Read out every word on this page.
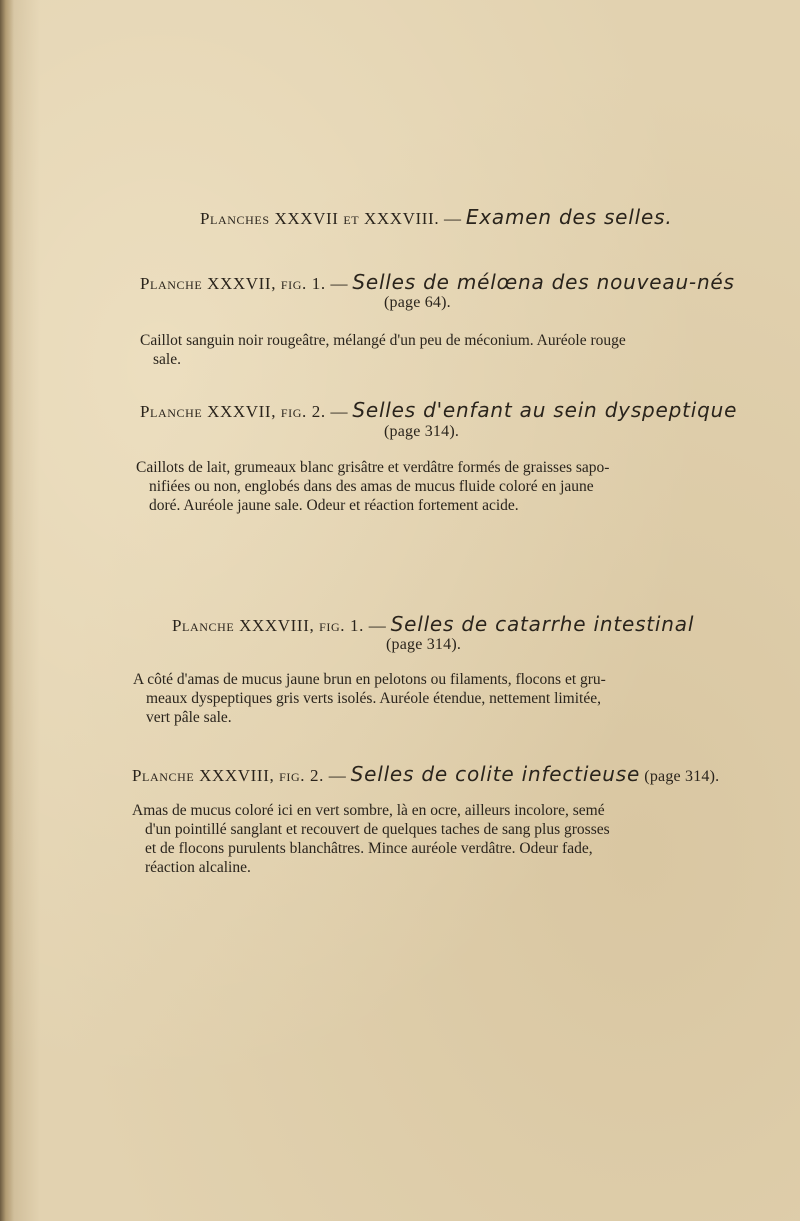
Planches XXXVII et XXXVIII. — Examen des selles.
Planche XXXVII, fig. 1. — Selles de mélœna des nouveau-nés
(page 64).
Caillot sanguin noir rougeâtre, mélangé d'un peu de méconium. Auréole rouge
sale.
Planche XXXVII, fig. 2. — Selles d'enfant au sein dyspeptique
(page 314).
Caillots de lait, grumeaux blanc grisâtre et verdâtre formés de graisses sapo-
nifiées ou non, englobés dans des amas de mucus fluide coloré en jaune
doré. Auréole jaune sale. Odeur et réaction fortement acide.
Planche XXXVIII, fig. 1. — Selles de catarrhe intestinal
(page 314).
A côté d'amas de mucus jaune brun en pelotons ou filaments, flocons et gru-
meaux dyspeptiques gris verts isolés. Auréole étendue, nettement limitée,
vert pâle sale.
Planche XXXVIII, fig. 2. — Selles de colite infectieuse (page 314).
Amas de mucus coloré ici en vert sombre, là en ocre, ailleurs incolore, semé
d'un pointillé sanglant et recouvert de quelques taches de sang plus grosses
et de flocons purulents blanchâtres. Mince auréole verdâtre. Odeur fade,
réaction alcaline.
